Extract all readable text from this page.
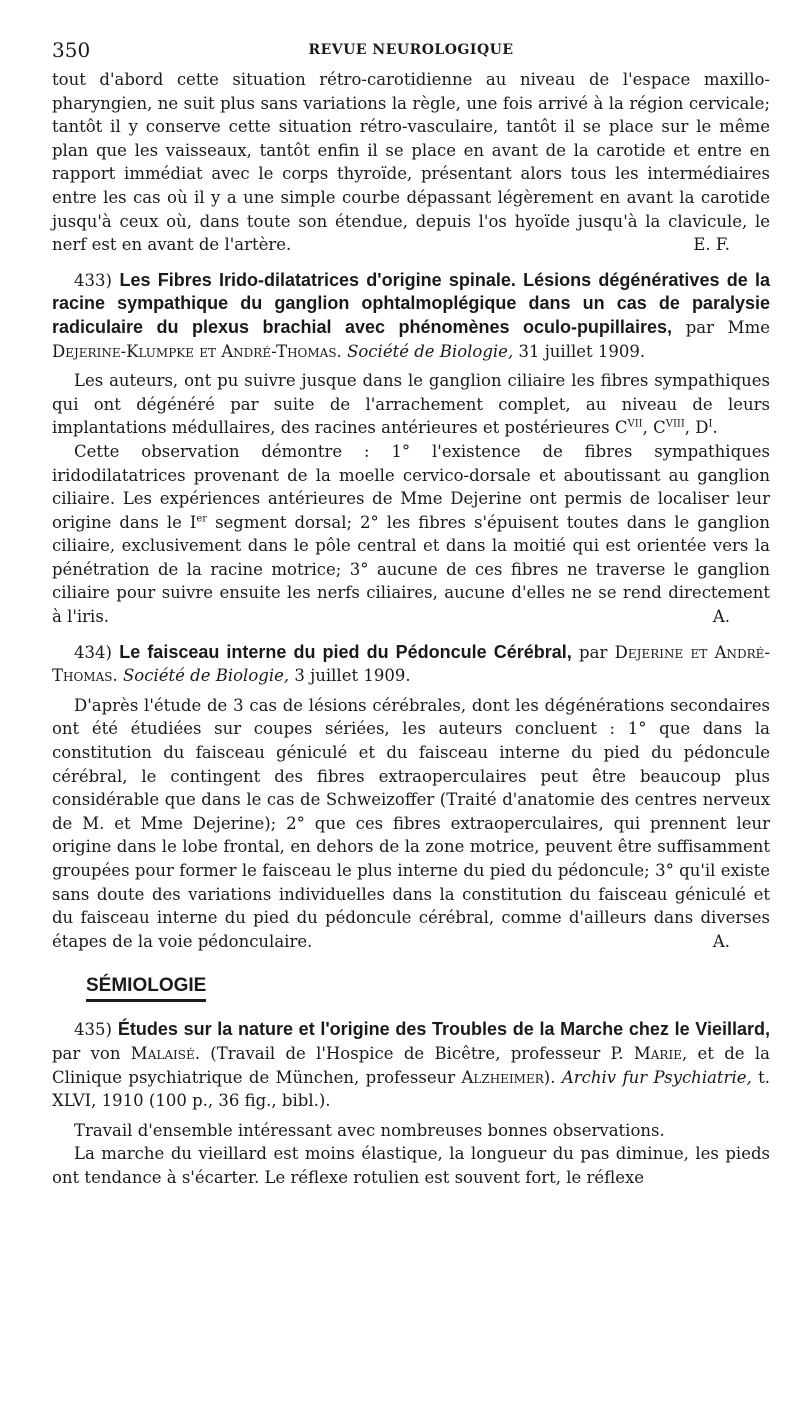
350	REVUE NEUROLOGIQUE

tout d'abord cette situation rétro-carotidienne au niveau de l'espace maxillo-pharyngien, ne suit plus sans variations la règle, une fois arrivé à la région cervicale; tantôt il y conserve cette situation rétro-vasculaire, tantôt il se place sur le même plan que les vaisseaux, tantôt enfin il se place en avant de la carotide et entre en rapport immédiat avec le corps thyroïde, présentant alors tous les intermédiaires entre les cas où il y a une simple courbe dépassant légèrement en avant la carotide jusqu'à ceux où, dans toute son étendue, depuis l'os hyoïde jusqu'à la clavicule, le nerf est en avant de l'artère.	E. F.

433) Les Fibres Irido-dilatatrices d'origine spinale. Lésions dégénératives de la racine sympathique du ganglion ophtalmoplégique dans un cas de paralysie radiculaire du plexus brachial avec phénomènes oculo-pupillaires, par Mme Dejerine-Klumpke et André-Thomas. Société de Biologie, 31 juillet 1909.

Les auteurs, ont pu suivre jusque dans le ganglion ciliaire les fibres sympathiques qui ont dégénéré par suite de l'arrachement complet, au niveau de leurs implantations médullaires, des racines antérieures et postérieures $C^{VII}$, $C^{VIII}$, $D^I$.

Cette observation démontre : 1° l'existence de fibres sympathiques iridodilatatrices provenant de la moelle cervico-dorsale et aboutissant au ganglion ciliaire. Les expériences antérieures de Mme Dejerine ont permis de localiser leur origine dans le Ier segment dorsal; 2° les fibres s'épuisent toutes dans le ganglion ciliaire, exclusivement dans le pôle central et dans la moitié qui est orientée vers la pénétration de la racine motrice; 3° aucune de ces fibres ne traverse le ganglion ciliaire pour suivre ensuite les nerfs ciliaires, aucune d'elles ne se rend directement à l'iris.	A.

434) Le faisceau interne du pied du Pédoncule Cérébral, par Dejerine et André-Thomas. Société de Biologie, 3 juillet 1909.

D'après l'étude de 3 cas de lésions cérébrales, dont les dégénérations secondaires ont été étudiées sur coupes sériées, les auteurs concluent : 1° que dans la constitution du faisceau géniculé et du faisceau interne du pied du pédoncule cérébral, le contingent des fibres extraoperculaires peut être beaucoup plus considérable que dans le cas de Schweizoffer (Traité d'anatomie des centres nerveux de M. et Mme Dejerine); 2° que ces fibres extraoperculaires, qui prennent leur origine dans le lobe frontal, en dehors de la zone motrice, peuvent être suffisamment groupées pour former le faisceau le plus interne du pied du pédoncule; 3° qu'il existe sans doute des variations individuelles dans la constitution du faisceau géniculé et du faisceau interne du pied du pédoncule cérébral, comme d'ailleurs dans diverses étapes de la voie pédonculaire.	A.

SÉMIOLOGIE

435) Études sur la nature et l'origine des Troubles de la Marche chez le Vieillard, par von Malaisé. (Travail de l'Hospice de Bicêtre, professeur P. Marie, et de la Clinique psychiatrique de München, professeur Alzheimer). Archiv fur Psychiatrie, t. XLVI, 1910 (100 p., 36 fig., bibl.).

Travail d'ensemble intéressant avec nombreuses bonnes observations.

La marche du vieillard est moins élastique, la longueur du pas diminue, les pieds ont tendance à s'écarter. Le réflexe rotulien est souvent fort, le réflexe
